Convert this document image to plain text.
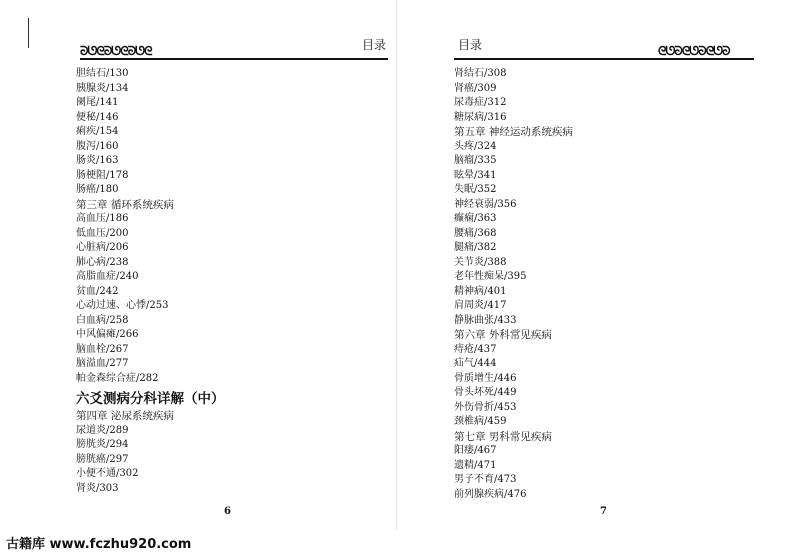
ᘐᘎᘓᘐᘎᘓᘐᘎᘓ	目录
胆结石/130
胰腺炎/134
阑尾/141
便秘/146
痢疾/154
腹泻/160
肠炎/163
肠梗阻/178
肠癌/180
第三章 循环系统疾病
高血压/186
低血压/200
心脏病/206
肺心病/238
高脂血症/240
贫血/242
心动过速、心悸/253
白血病/258
中风偏瘫/266
脑血栓/267
脑溢血/277
帕金森综合症/282
六爻测病分科详解（中）
第四章 泌尿系统疾病
尿道炎/289
膀胱炎/294
膀胱癌/297
小便不通/302
肾炎/303
6
目录	ᘓᘎᘐᘓᘎᘐᘓᘎᘐ
肾结石/308
肾癌/309
尿毒症/312
糖尿病/316
第五章 神经运动系统疾病
头疼/324
脑瘤/335
眩晕/341
失眠/352
神经衰弱/356
癫痫/363
腰痛/368
腿痛/382
关节炎/388
老年性痴呆/395
精神病/401
肩周炎/417
静脉曲张/433
第六章 外科常见疾病
痔疮/437
疝气/444
骨质增生/446
骨头坏死/449
外伤骨折/453
颈椎病/459
第七章 男科常见疾病
阳痿/467
遗精/471
男子不育/473
前列腺疾病/476
7
古籍库 www.fczhu920.com
